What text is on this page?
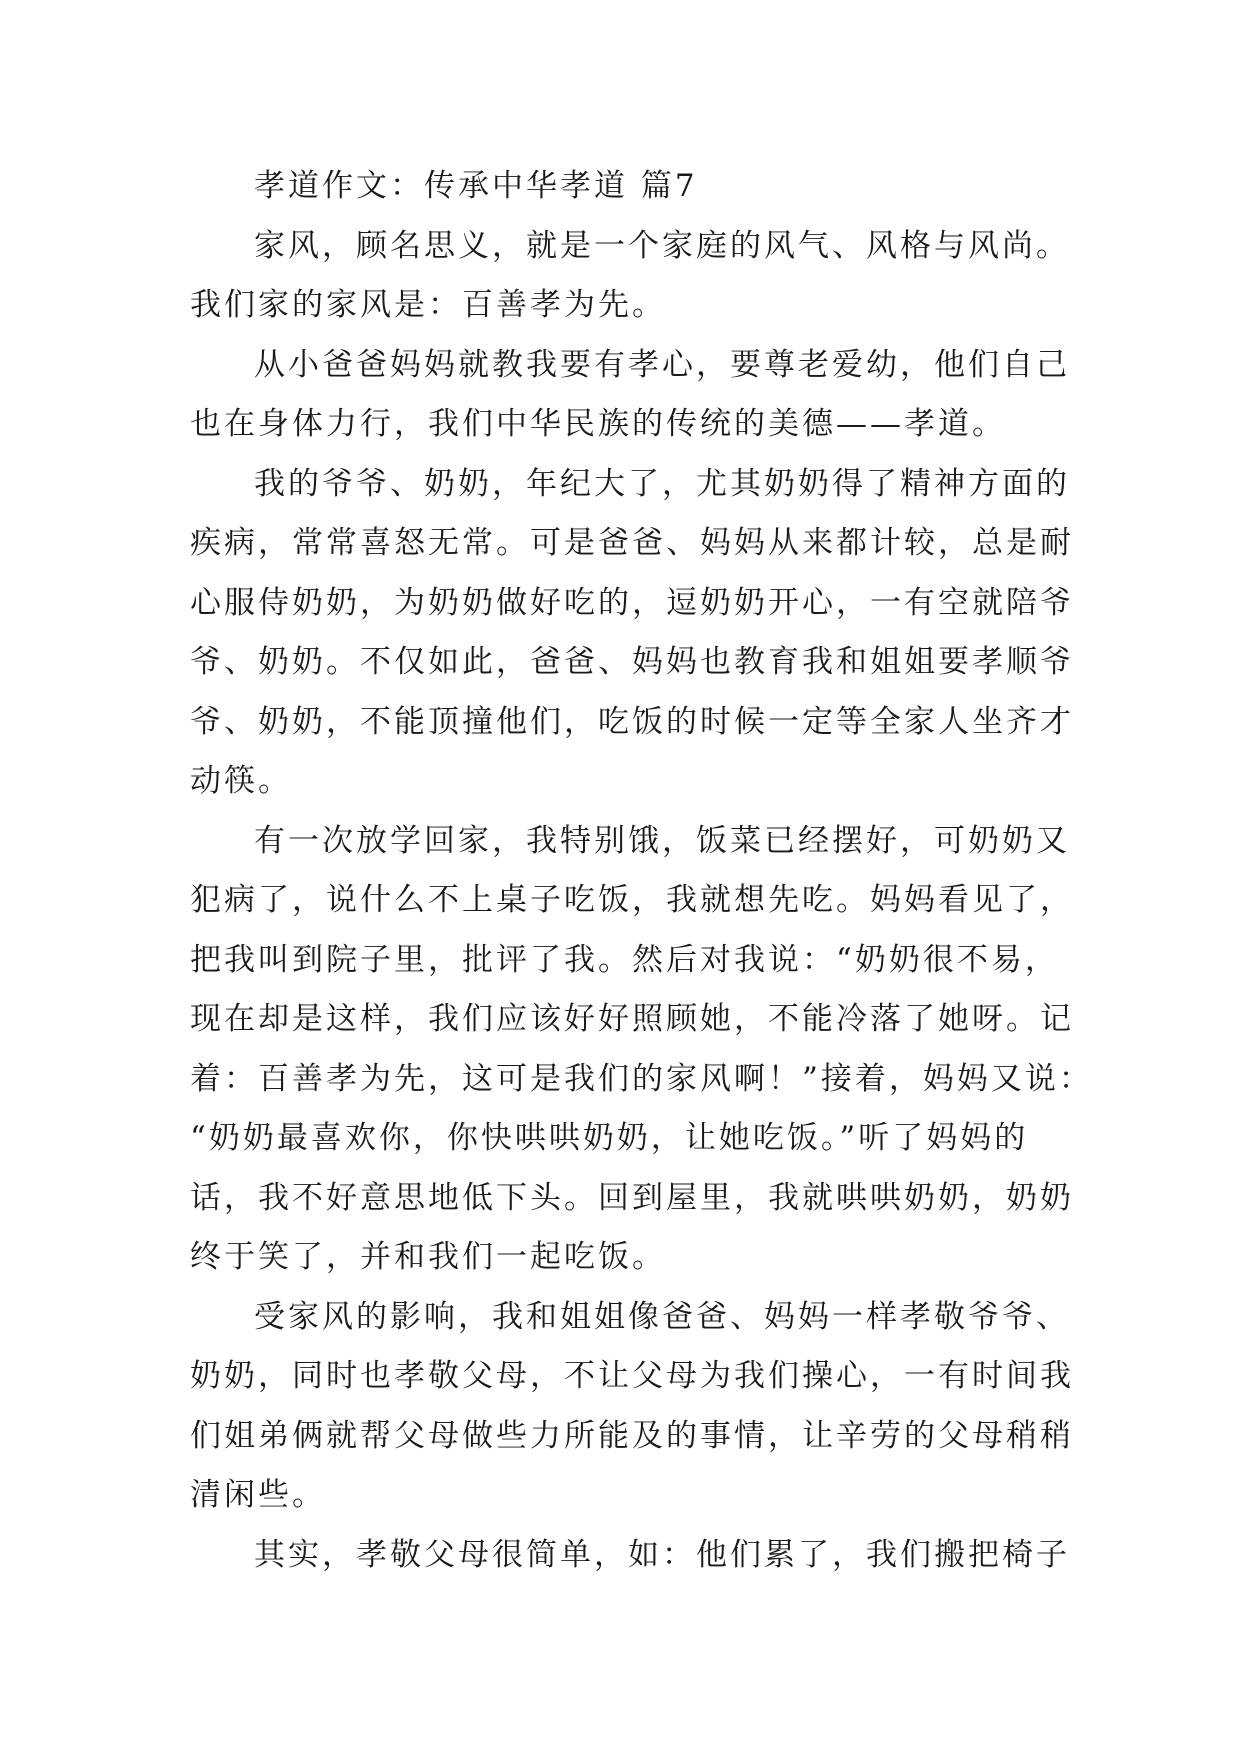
孝道作文：传承中华孝道 篇7
家风，顾名思义，就是一个家庭的风气、风格与风尚。
我们家的家风是：百善孝为先。
从小爸爸妈妈就教我要有孝心，要尊老爱幼，他们自己
也在身体力行，我们中华民族的传统的美德——孝道。
我的爷爷、奶奶，年纪大了，尤其奶奶得了精神方面的
疾病，常常喜怒无常。可是爸爸、妈妈从来都计较，总是耐
心服侍奶奶，为奶奶做好吃的，逗奶奶开心，一有空就陪爷
爷、奶奶。不仅如此，爸爸、妈妈也教育我和姐姐要孝顺爷
爷、奶奶，不能顶撞他们，吃饭的时候一定等全家人坐齐才
动筷。
有一次放学回家，我特别饿，饭菜已经摆好，可奶奶又
犯病了，说什么不上桌子吃饭，我就想先吃。妈妈看见了，
把我叫到院子里，批评了我。然后对我说：“奶奶很不易，
现在却是这样，我们应该好好照顾她，不能冷落了她呀。记
着：百善孝为先，这可是我们的家风啊！”接着，妈妈又说：
“奶奶最喜欢你，你快哄哄奶奶，让她吃饭。”听了妈妈的
话，我不好意思地低下头。回到屋里，我就哄哄奶奶，奶奶
终于笑了，并和我们一起吃饭。
受家风的影响，我和姐姐像爸爸、妈妈一样孝敬爷爷、
奶奶，同时也孝敬父母，不让父母为我们操心，一有时间我
们姐弟俩就帮父母做些力所能及的事情，让辛劳的父母稍稍
清闲些。
其实，孝敬父母很简单，如：他们累了，我们搬把椅子
